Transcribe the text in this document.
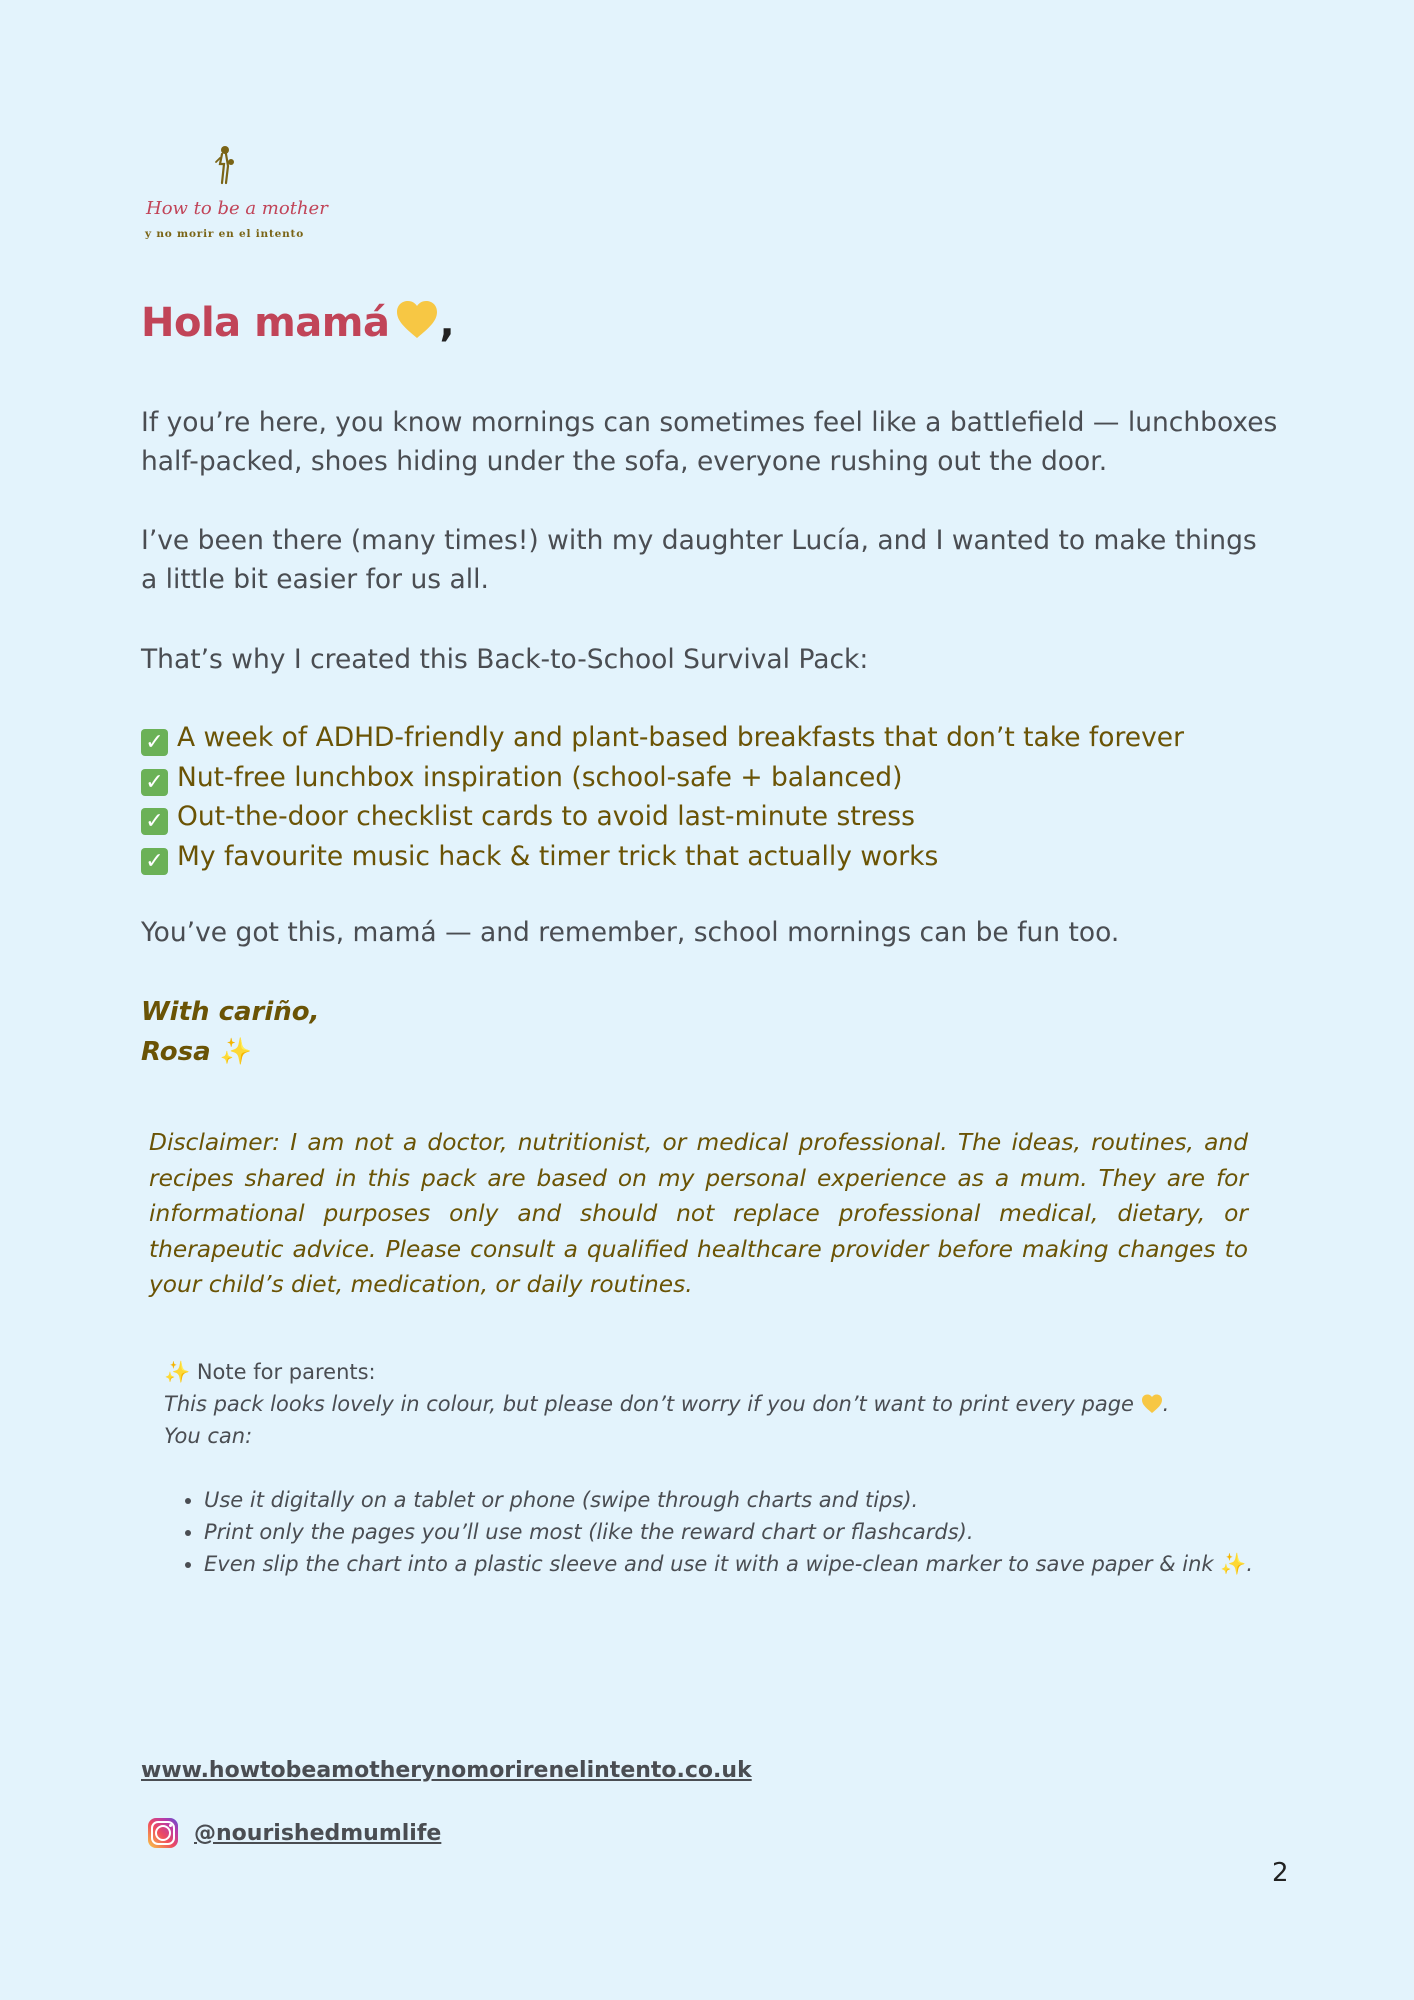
How to be a mother
y no morir en el intento
Hola mamá ,

If you’re here, you know mornings can sometimes feel like a battlefield — lunchboxes half-packed, shoes hiding under the sofa, everyone rushing out the door.

I’ve been there (many times!) with my daughter Lucía, and I wanted to make things a little bit easier for us all.

That’s why I created this Back-to-School Survival Pack:

✓ A week of ADHD-friendly and plant-based breakfasts that don’t take forever
✓ Nut-free lunchbox inspiration (school-safe + balanced)
✓ Out-the-door checklist cards to avoid last-minute stress
✓ My favourite music hack & timer trick that actually works

You’ve got this, mamá — and remember, school mornings can be fun too.

With cariño,
Rosa ✨

Disclaimer: I am not a doctor, nutritionist, or medical professional. The ideas, routines, and recipes shared in this pack are based on my personal experience as a mum. They are for informational purposes only and should not replace professional medical, dietary, or therapeutic advice. Please consult a qualified healthcare provider before making changes to your child’s diet, medication, or daily routines.

✨ Note for parents:
This pack looks lovely in colour, but please don’t worry if you don’t want to print every page .
You can:
• Use it digitally on a tablet or phone (swipe through charts and tips).
• Print only the pages you’ll use most (like the reward chart or flashcards).
• Even slip the chart into a plastic sleeve and use it with a wipe-clean marker to save paper & ink ✨.
www.howtobeamotherynomorirenelintento.co.uk
@nourishedmumlife
2
